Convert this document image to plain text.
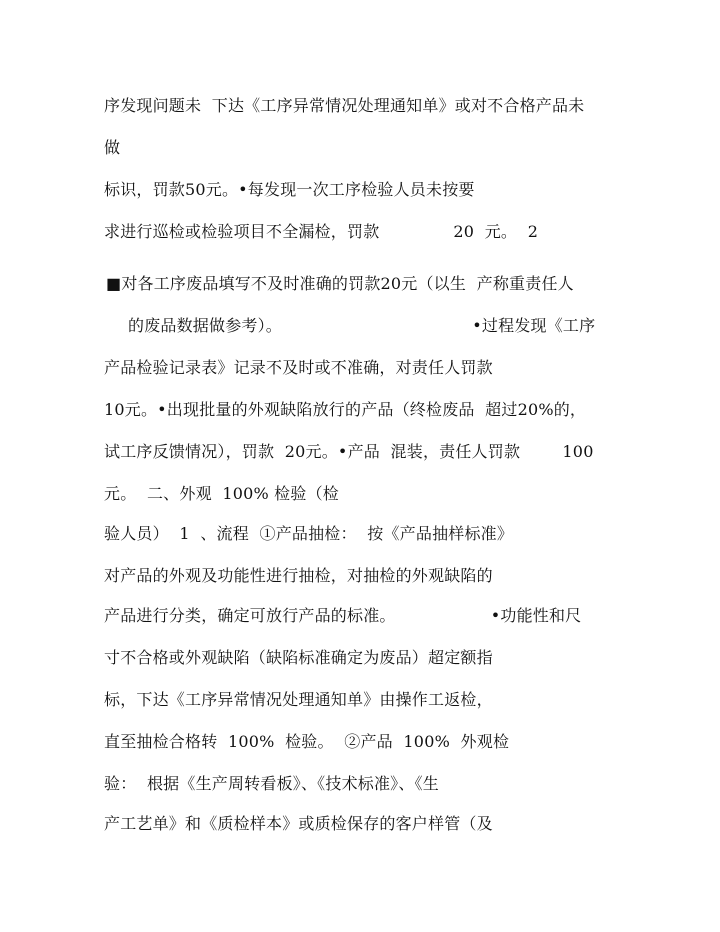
序发现问题未  下达《工序异常情况处理通知单》或对不合格产品未
做
标识，罚款50元。•每发现一次工序检验人员未按要
求进行巡检或检验项目不全漏检，罚款              20  元。  2
■对各工序废品填写不及时准确的罚款20元（以生  产称重责任人
的废品数据做参考）。                                    •过程发现《工序
产品检验记录表》记录不及时或不准确，对责任人罚款
10元。•出现批量的外观缺陷放行的产品（终检废品  超过20%的，
试工序反馈情况），罚款  20元。•产品  混装，责任人罚款        100
元。  二、外观  100% 检验（检
验人员）  1  、流程  ①产品抽检：  按《产品抽样标准》
对产品的外观及功能性进行抽检，对抽检的外观缺陷的
产品进行分类，确定可放行产品的标准。                  •功能性和尺
寸不合格或外观缺陷（缺陷标准确定为废品）超定额指
标，下达《工序异常情况处理通知单》由操作工返检，
直至抽检合格转  100%  检验。  ②产品  100%  外观检
验：  根据《生产周转看板》、《技术标准》、《生
产工艺单》和《质检样本》或质检保存的客户样管（及
